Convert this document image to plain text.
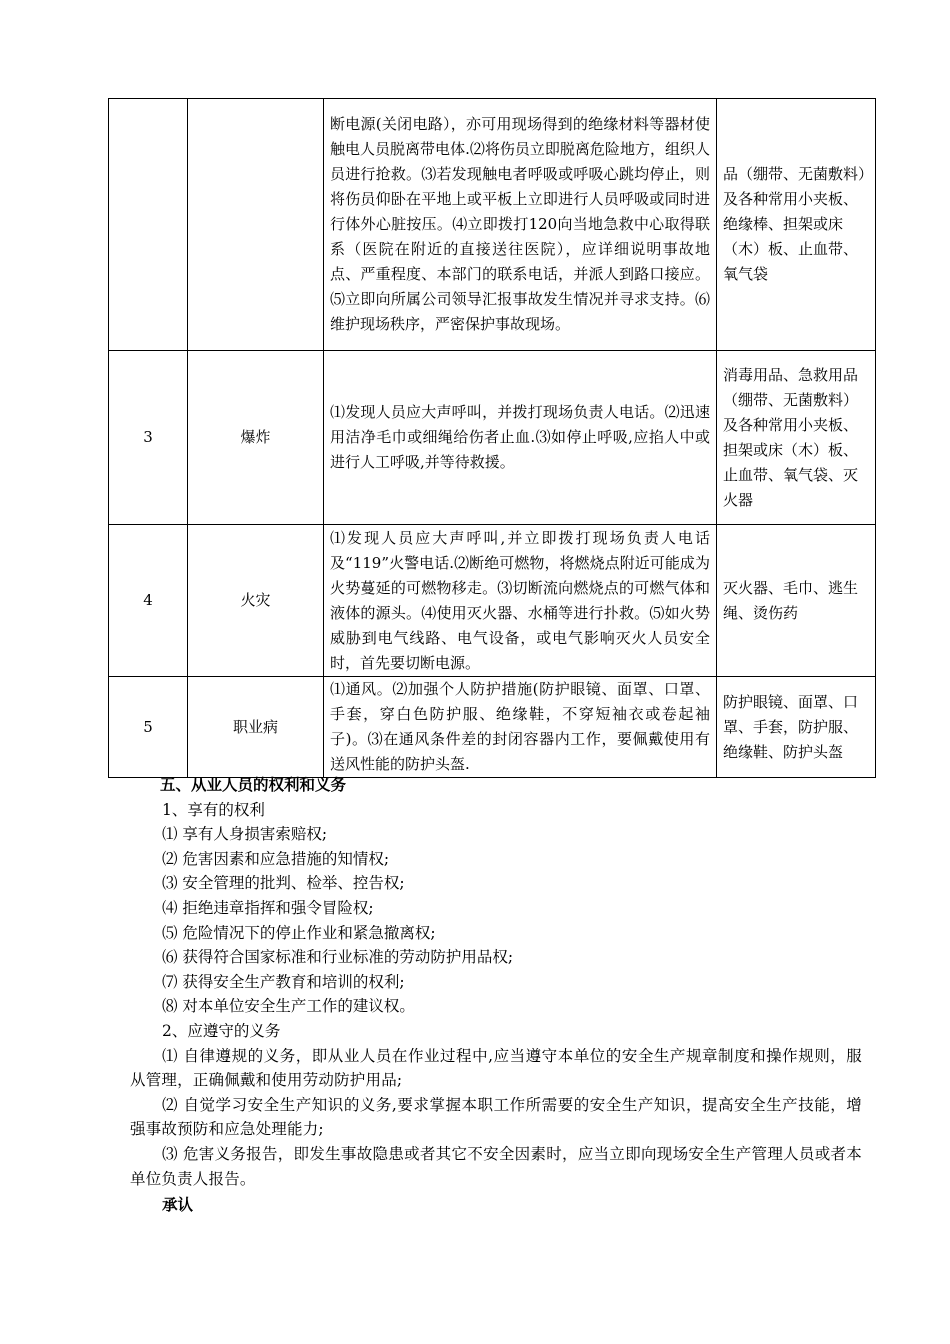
		断电源(关闭电路），亦可用现场得到的绝缘材料等器材使触电人员脱离带电体.⑵将伤员立即脱离危险地方，组织人员进行抢救。⑶若发现触电者呼吸或呼吸心跳均停止，则将伤员仰卧在平地上或平板上立即进行人员呼吸或同时进行体外心脏按压。⑷立即拨打120向当地急救中心取得联系（医院在附近的直接送往医院），应详细说明事故地点、严重程度、本部门的联系电话，并派人到路口接应。⑸立即向所属公司领导汇报事故发生情况并寻求支持。⑹维护现场秩序，严密保护事故现场。	品（绷带、无菌敷料）及各种常用小夹板、绝缘棒、担架或床（木）板、止血带、氧气袋
3	爆炸	⑴发现人员应大声呼叫，并拨打现场负责人电话。⑵迅速用洁净毛巾或细绳给伤者止血.⑶如停止呼吸,应掐人中或进行人工呼吸,并等待救援。	消毒用品、急救用品（绷带、无菌敷料）及各种常用小夹板、担架或床（木）板、止血带、氧气袋、灭火器
4	火灾	⑴发现人员应大声呼叫,并立即拨打现场负责人电话及“119”火警电话.⑵断绝可燃物，将燃烧点附近可能成为火势蔓延的可燃物移走。⑶切断流向燃烧点的可燃气体和液体的源头。⑷使用灭火器、水桶等进行扑救。⑸如火势威胁到电气线路、电气设备，或电气影响灭火人员安全时，首先要切断电源。	灭火器、毛巾、逃生绳、烫伤药
5	职业病	⑴通风。⑵加强个人防护措施(防护眼镜、面罩、口罩、手套，穿白色防护服、绝缘鞋，不穿短袖衣或卷起袖子)。⑶在通风条件差的封闭容器内工作，要佩戴使用有送风性能的防护头盔.	防护眼镜、面罩、口罩、手套，防护服、绝缘鞋、防护头盔
五、从业人员的权利和义务
1、享有的权利
⑴ 享有人身损害索赔权;
⑵ 危害因素和应急措施的知情权;
⑶ 安全管理的批判、检举、控告权;
⑷ 拒绝违章指挥和强令冒险权;
⑸ 危险情况下的停止作业和紧急撤离权;
⑹ 获得符合国家标准和行业标准的劳动防护用品权;
⑺ 获得安全生产教育和培训的权利;
⑻ 对本单位安全生产工作的建议权。
2、应遵守的义务
⑴ 自律遵规的义务，即从业人员在作业过程中,应当遵守本单位的安全生产规章制度和操作规则，服从管理，正确佩戴和使用劳动防护用品;
⑵ 自觉学习安全生产知识的义务,要求掌握本职工作所需要的安全生产知识，提高安全生产技能，增强事故预防和应急处理能力;
⑶ 危害义务报告，即发生事故隐患或者其它不安全因素时，应当立即向现场安全生产管理人员或者本单位负责人报告。
承认
